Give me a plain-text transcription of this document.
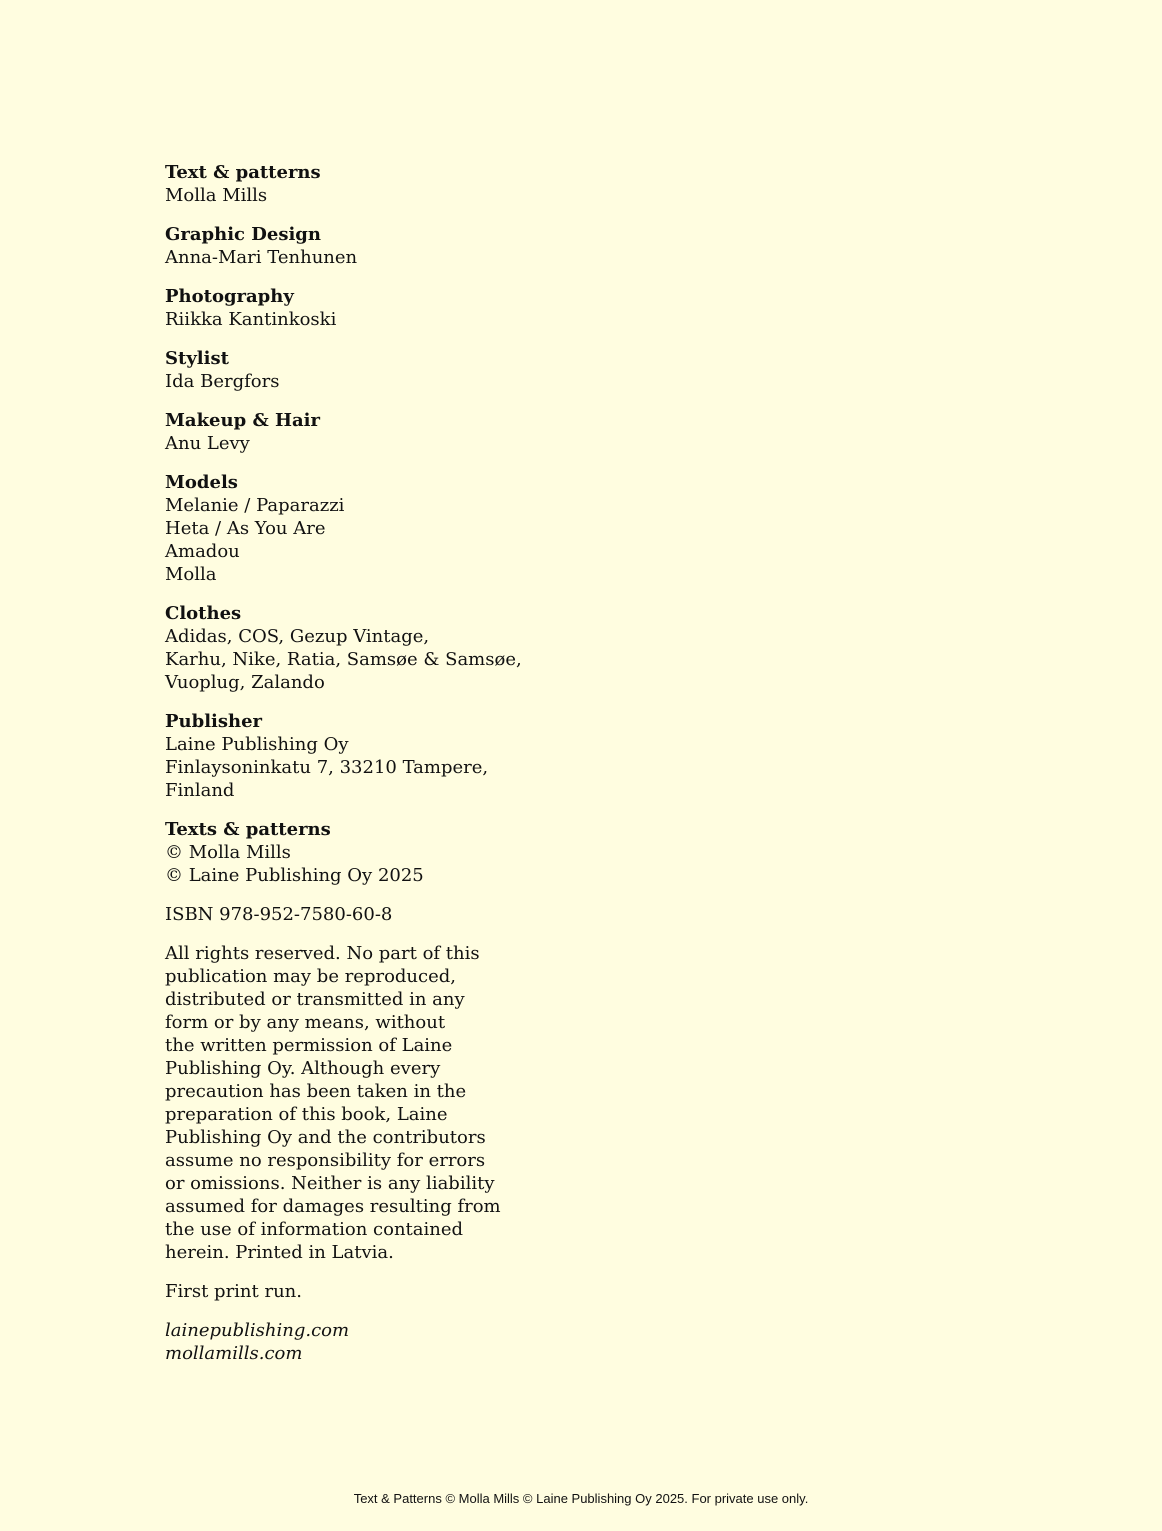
Text & patterns
Molla Mills
Graphic Design
Anna-Mari Tenhunen
Photography
Riikka Kantinkoski
Stylist
Ida Bergfors
Makeup & Hair
Anu Levy
Models
Melanie / Paparazzi
Heta / As You Are
Amadou
Molla
Clothes
Adidas, COS, Gezup Vintage,
Karhu, Nike, Ratia, Samsøe & Samsøe,
Vuoplug, Zalando
Publisher
Laine Publishing Oy
Finlaysoninkatu 7, 33210 Tampere,
Finland
Texts & patterns
© Molla Mills
© Laine Publishing Oy 2025

ISBN 978-952-7580-60-8

All rights reserved. No part of this
publication may be reproduced,
distributed or transmitted in any
form or by any means, without
the written permission of Laine
Publishing Oy. Although every
precaution has been taken in the
preparation of this book, Laine
Publishing Oy and the contributors
assume no responsibility for errors
or omissions. Neither is any liability
assumed for damages resulting from
the use of information contained
herein. Printed in Latvia.

First print run.

lainepublishing.com
mollamills.com
Text & Patterns © Molla Mills © Laine Publishing Oy 2025. For private use only.
